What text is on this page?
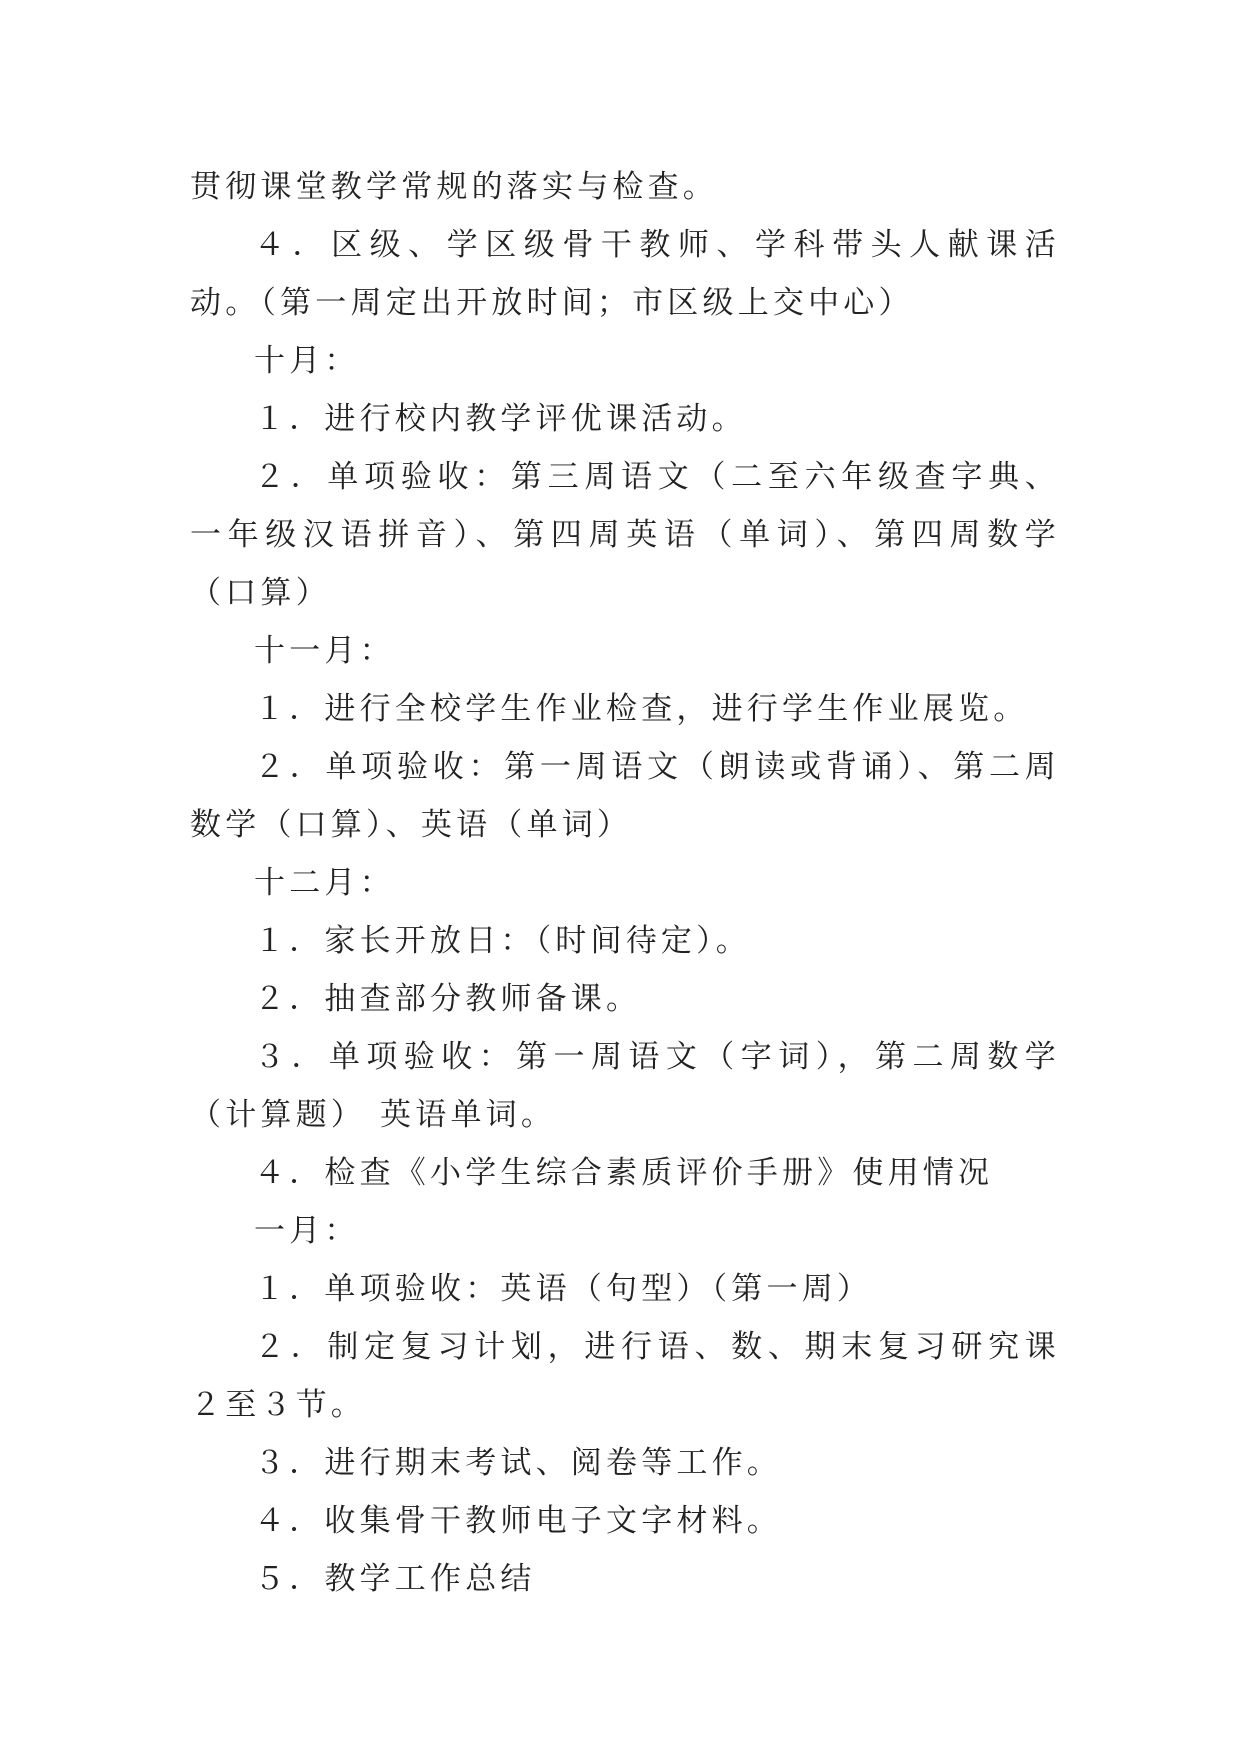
贯彻课堂教学常规的落实与检查。

４．区级、学区级骨干教师、学科带头人献课活动。（第一周定出开放时间；市区级上交中心）

十月：

１．进行校内教学评优课活动。

２．单项验收：第三周语文（二至六年级查字典、一年级汉语拼音）、第四周英语（单词）、第四周数学（口算）

十一月：

１．进行全校学生作业检查，进行学生作业展览。

２．单项验收：第一周语文（朗读或背诵）、第二周数学（口算）、英语（单词）

十二月：

１．家长开放日：（时间待定）。

２．抽查部分教师备课。

３．单项验收：第一周语文（字词），第二周数学（计算题） 英语单词。

４．检查《小学生综合素质评价手册》使用情况

一月：

１．单项验收：英语（句型）（第一周）

２．制定复习计划，进行语、数、期末复习研究课２至３节。

３．进行期末考试、阅卷等工作。

４．收集骨干教师电子文字材料。

５．教学工作总结
